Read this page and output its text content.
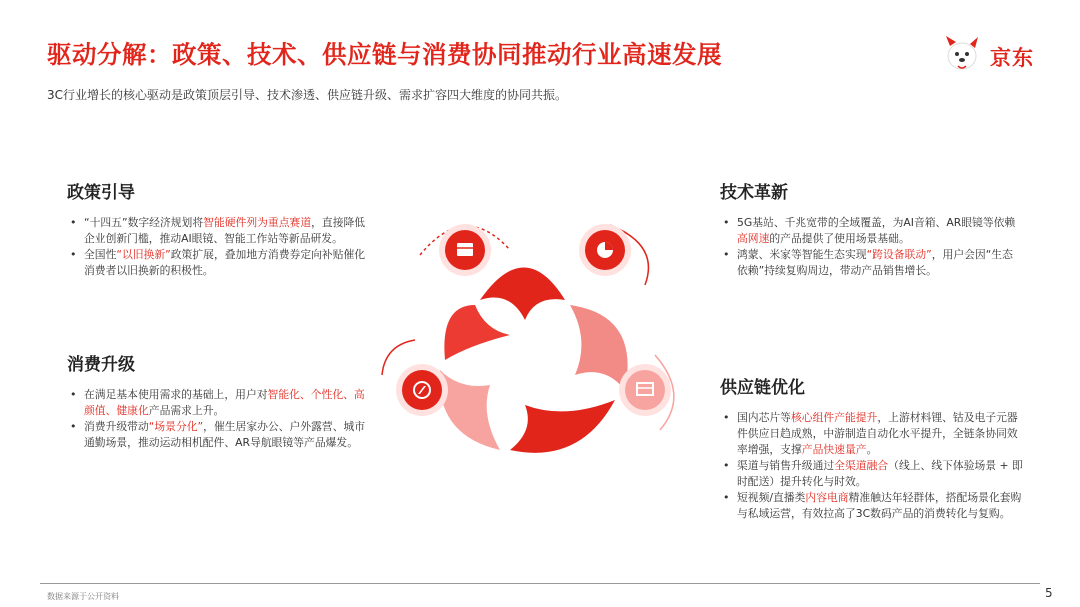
驱动分解：政策、技术、供应链与消费协同推动行业高速发展
3C行业增长的核心驱动是政策顶层引导、技术渗透、供应链升级、需求扩容四大维度的协同共振。
京东
政策引导
• “十四五”数字经济规划将智能硬件列为重点赛道，直接降低企业创新门槛，推动AI眼镜、智能工作站等新品研发。
• 全国性“以旧换新”政策扩展，叠加地方消费券定向补贴催化消费者以旧换新的积极性。
技术革新
• 5G基站、千兆宽带的全域覆盖，为AI音箱、AR眼镜等依赖高网速的产品提供了使用场景基础。
• 鸿蒙、米家等智能生态实现“跨设备联动”，用户会因“生态依赖”持续复购周边，带动产品销售增长。
消费升级
• 在满足基本使用需求的基础上，用户对智能化、个性化、高颜值、健康化产品需求上升。
• 消费升级带动“场景分化”，催生居家办公、户外露营、城市通勤场景，推动运动相机配件、AR导航眼镜等产品爆发。
供应链优化
• 国内芯片等核心组件产能提升，上游材料锂、钴及电子元器件供应日趋成熟，中游制造自动化水平提升，全链条协同效率增强，支撑产品快速量产。
• 渠道与销售升级通过全渠道融合（线上、线下体验场景 + 即时配送）提升转化与时效。
• 短视频/直播类内容电商精准触达年轻群体，搭配场景化套购与私域运营，有效拉高了3C数码产品的消费转化与复购。
数据来源于公开资料	5
